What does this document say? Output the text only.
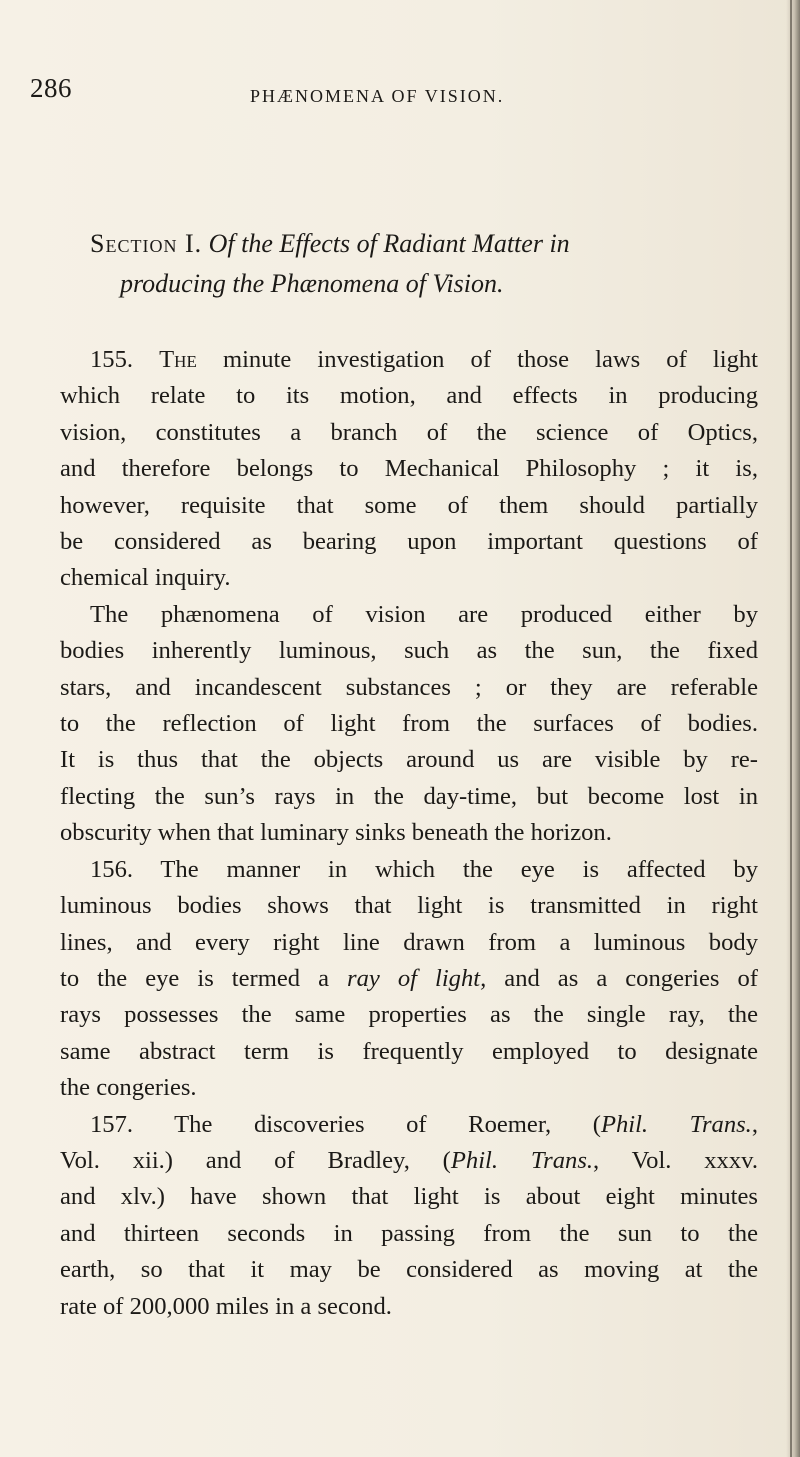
286	PHÆNOMENA OF VISION.
Section I. Of the Effects of Radiant Matter in
producing the Phænomena of Vision.
155. The minute investigation of those laws of light
which relate to its motion, and effects in producing
vision, constitutes a branch of the science of Optics,
and therefore belongs to Mechanical Philosophy ; it is,
however, requisite that some of them should partially
be considered as bearing upon important questions of
chemical inquiry.
The phænomena of vision are produced either by
bodies inherently luminous, such as the sun, the fixed
stars, and incandescent substances ; or they are referable
to the reflection of light from the surfaces of bodies.
It is thus that the objects around us are visible by re-
flecting the sun’s rays in the day-time, but become lost in
obscurity when that luminary sinks beneath the horizon.
156. The manner in which the eye is affected by
luminous bodies shows that light is transmitted in right
lines, and every right line drawn from a luminous body
to the eye is termed a ray of light, and as a congeries of
rays possesses the same properties as the single ray, the
same abstract term is frequently employed to designate
the congeries.
157. The discoveries of Roemer, (Phil. Trans.,
Vol. xii.) and of Bradley, (Phil. Trans., Vol. xxxv.
and xlv.) have shown that light is about eight minutes
and thirteen seconds in passing from the sun to the
earth, so that it may be considered as moving at the
rate of 200,000 miles in a second.
